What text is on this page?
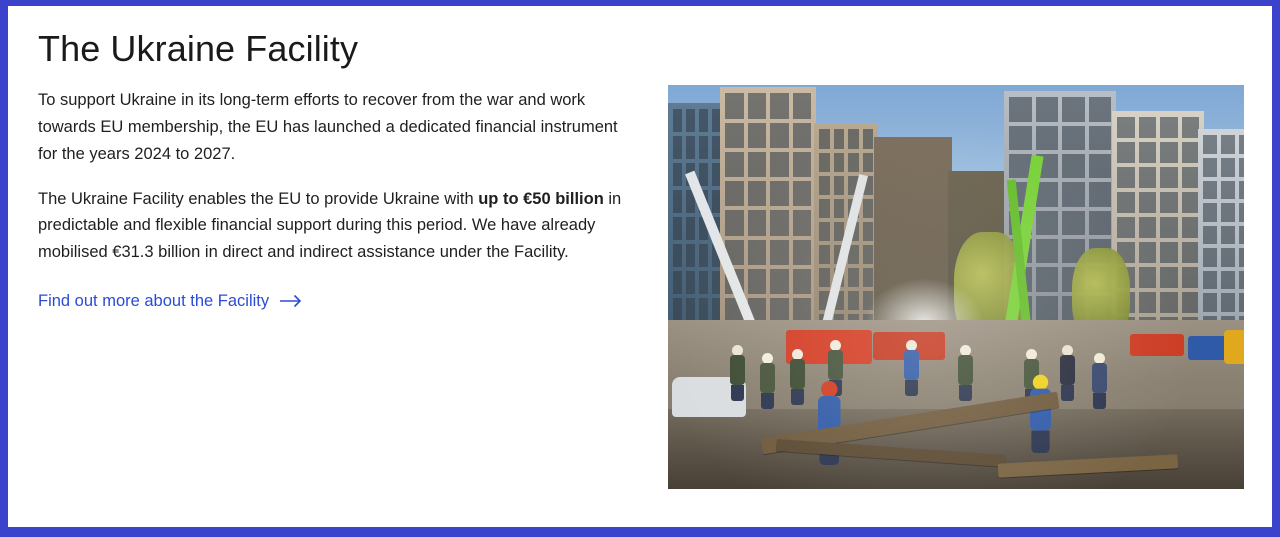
The Ukraine Facility

To support Ukraine in its long-term efforts to recover from the war and work towards EU membership, the EU has launched a dedicated financial instrument for the years 2024 to 2027.

The Ukraine Facility enables the EU to provide Ukraine with up to €50 billion in predictable and flexible financial support during this period. We have already mobilised €31.3 billion in direct and indirect assistance under the Facility.

Find out more about the Facility
